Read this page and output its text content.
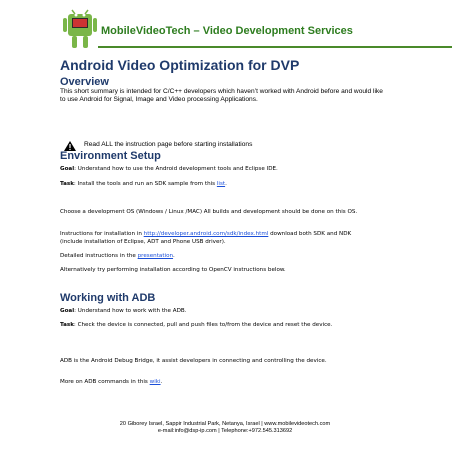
MobileVideoTech – Video Development Services
Android Video Optimization for DVP
Overview
This short summary is intended for C/C++ developers which haven’t worked with Android before and would like to use Android for Signal, Image and Video processing Applications.
Read ALL the instruction page before starting installations
Environment Setup
Goal: Understand how to use the Android development tools and Eclipse IDE.
Task: Install the tools and run an SDK sample from this list.
Choose a development OS (Windows / Linux /MAC) All builds and development should be done on this OS.
Instructions for installation in http://developer.android.com/sdk/index.html download both SDK and NDK (include installation of Eclipse, ADT and Phone USB driver).
Detailed instructions in the presentation.
Alternatively try performing installation according to OpenCV instructions below.
Working with ADB
Goal: Understand how to work with the ADB.
Task: Check the device is connected, pull and push files to/from the device and reset the device.
ADB is the Android Debug Bridge, it assist developers in connecting and controlling the device.
More on ADB commands in this wiki.
20 Giborey Israel, Sappir Industrial Park, Netanya, Israel | www.mobilevideotech.com
e-mail:info@dsp-ip.com | Telephone:+972.545.313692
